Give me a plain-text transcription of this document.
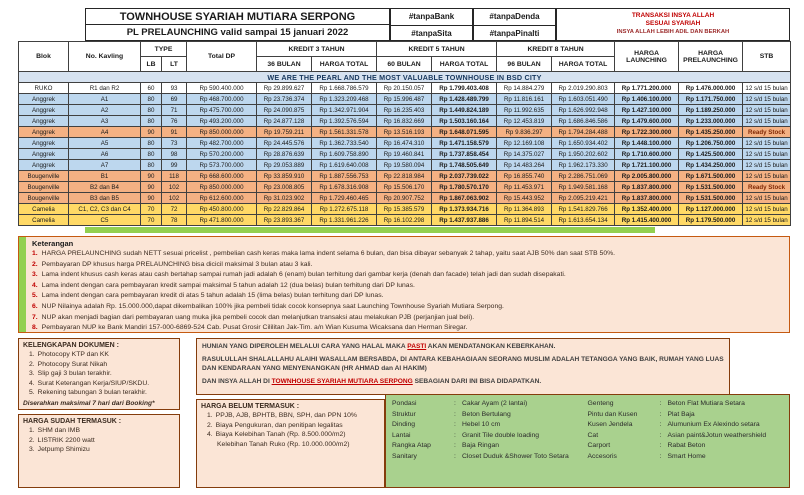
TOWNHOUSE SYARIAH MUTIARA SERPONG
PL PRELAUNCHING valid sampai 15 januari 2022
#tanpaBank
#tanpaSita
#tanpaDenda
#tanpaPinalti
TRANSAKSI INSYA ALLAH
SESUAI SYARIAH
INSYA ALLAH LEBIH ADIL DAN BERKAH
Blok	No. Kavling	TYPE		Total DP	KREDIT 3 TAHUN		KREDIT 5 TAHUN		KREDIT 8 TAHUN		HARGA LAUNCHING	HARGA PRELAUNCHING	STB
		LB	LT		36 BULAN	HARGA TOTAL	60 BULAN	HARGA TOTAL	96 BULAN	HARGA TOTAL			
WE ARE THE PEARL AND THE MOST VALUABLE TOWNHOUSE IN BSD CITY													
RUKO	R1 dan R2	60	93	Rp 590.400.000	Rp 29.899.627	Rp 1.668.786.579	Rp 20.150.057	Rp 1.799.403.408	Rp 14.884.279	Rp 2.019.290.803	Rp 1.771.200.000	Rp 1.476.000.000	12 s/d 15 bulan
Anggrek	A1	80	69	Rp 468.700.000	Rp 23.736.374	Rp 1.323.209.468	Rp 15.996.487	Rp 1.428.489.799	Rp 11.816.161	Rp 1.603.051.490	Rp 1.406.100.000	Rp 1.171.750.000	12 s/d 15 bulan
Anggrek	A2	80	71	Rp 475.700.000	Rp 24.090.875	Rp 1.342.971.904	Rp 16.235.403	Rp 1.449.824.189	Rp 11.992.635	Rp 1.626.992.948	Rp 1.427.100.000	Rp 1.189.250.000	12 s/d 15 bulan
Anggrek	A3	80	76	Rp 493.200.000	Rp 24.877.128	Rp 1.392.576.594	Rp 16.832.669	Rp 1.503.160.164	Rp 12.453.819	Rp 1.686.846.586	Rp 1.479.600.000	Rp 1.233.000.000	12 s/d 15 bulan
Anggrek	A4	90	91	Rp 850.000.000	Rp 19.759.211	Rp 1.561.331.578	Rp 13.516.193	Rp 1.648.071.595	Rp 9.836.297	Rp 1.794.284.488	Rp 1.722.300.000	Rp 1.435.250.000	Ready Stock
Anggrek	A5	80	73	Rp 482.700.000	Rp 24.445.576	Rp 1.362.733.540	Rp 16.474.310	Rp 1.471.158.579	Rp 12.169.108	Rp 1.650.934.402	Rp 1.448.100.000	Rp 1.206.750.000	12 s/d 15 bulan
Anggrek	A6	80	98	Rp 570.200.000	Rp 28.876.639	Rp 1.609.758.890	Rp 19.460.841	Rp 1.737.858.454	Rp 14.375.027	Rp 1.950.202.602	Rp 1.710.600.000	Rp 1.425.500.000	12 s/d 15 bulan
Anggrek	A7	80	99	Rp 573.700.000	Rp 29.053.889	Rp 1.619.640.008	Rp 19.580.094	Rp 1.748.505.649	Rp 14.483.264	Rp 1.962.173.330	Rp 1.721.100.000	Rp 1.434.250.000	12 s/d 15 bulan
Bougenville	B1	90	118	Rp 668.600.000	Rp 33.859.910	Rp 1.887.556.753	Rp 22.818.984	Rp 2.037.739.022	Rp 16.855.740	Rp 2.286.751.069	Rp 2.005.800.000	Rp 1.671.500.000	12 s/d 15 bulan
Bougenville	B2 dan B4	90	102	Rp 850.000.000	Rp 23.008.805	Rp 1.678.316.908	Rp 15.506.170	Rp 1.780.570.170	Rp 11.453.971	Rp 1.949.581.168	Rp 1.837.800.000	Rp 1.531.500.000	Ready Stock
Bougenville	B3 dan B5	90	102	Rp 612.600.000	Rp 31.023.902	Rp 1.729.460.465	Rp 20.907.752	Rp 1.867.063.902	Rp 15.443.952	Rp 2.095.219.421	Rp 1.837.800.000	Rp 1.531.500.000	12 s/d 15 bulan
Camelia	C1, C2, C3 dan C4	70	72	Rp 450.800.000	Rp 22.829.864	Rp 1.272.675.118	Rp 15.385.579	Rp 1.373.934.716	Rp 11.364.893	Rp 1.541.829.766	Rp 1.352.400.000	Rp 1.127.000.000	12 s/d 15 bulan
Camelia	C5	70	78	Rp 471.800.000	Rp 23.893.367	Rp 1.331.961.226	Rp 16.102.298	Rp 1.437.937.886	Rp 11.894.514	Rp 1.613.654.134	Rp 1.415.400.000	Rp 1.179.500.000	12 s/d 15 bulan
Keterangan
1. HARGA PRELAUNCHING sudah NETT sesuai pricelist , pembelian cash keras maka lama indent selama 6 bulan, dan bisa dibayar sebanyak 2 tahap, yaitu saat AJB 50% dan saat STB 50%.
2. Pembayaran DP khusus harga PRELAUNCHING bisa dicicil maksimal 3 bulan atau 3 kali.
3. Lama indent khusus cash keras atau cash bertahap sampai rumah jadi adalah 6 (enam) bulan terhitung dari gambar kerja (denah dan facade) telah jadi dan sudah disepakati.
4. Lama indent dengan cara pembayaran kredit sampai maksimal 5 tahun adalah 12 (dua belas) bulan terhitung dari DP lunas.
5. Lama indent dengan cara pembayaran kredit di atas 5 tahun adalah 15 (lima belas) bulan terhitung dari DP lunas.
6. NUP Nilainya adalah Rp. 15.000.000,dapat dikembalikan 100% jika pembeli tidak cocok konsepnya saat Launching Townhouse Syariah Mutiara Serpong.
7. NUP akan menjadi bagian dari pembayaran uang muka jika pembeli cocok dan melanjutkan transaksi atau melakukan PJB (perjanjian jual beli).
8. Pembayaran NUP ke Bank Mandiri 157-000-6869-524 Cab. Pusat Grosir Cililitan Jak-Tim. a/n Wian Kusuma Wicaksana dan Herman Siregar.
KELENGKAPAN DOKUMEN :
1. Photocopy KTP dan KK
2. Photocopy Surat Nikah
3. Slip gaji 3 bulan terakhir.
4. Surat Keterangan Kerja/SIUP/SKDU.
5. Rekening tabungan 3 bulan terakhir.
Diserahkan maksimal 7 hari dari Booking*
HUNIAN YANG DIPEROLEH MELALUI CARA YANG HALAL MAKA PASTI AKAN MENDATANGKAN KEBERKAHAN.
RASULULLAH SHALALLAHU ALAIHI WASALLAM BERSABDA, DI ANTARA KEBAHAGIAAN SEORANG MUSLIM ADALAH TETANGGA YANG BAIK, RUMAH YANG LUAS DAN KENDARAAN YANG MENYENANGKAN (HR AHMAD dan Al HAKIM)
DAN INSYA ALLAH DI TOWNHOUSE SYARIAH MUTIARA SERPONG SEBAGIAN DARI INI BISA DIDAPATKAN.
HARGA SUDAH TERMASUK :
1. SHM dan IMB
2. LISTRIK 2200 watt
3. Jetpump Shimizu
HARGA BELUM TERMASUK :
1. PPJB, AJB, BPHTB, BBN, SPH, dan PPN 10%
2. Biaya Pengukuran, dan penitipan legalitas
4. Biaya Kelebihan Tanah (Rp. 8.500.000/m2)
Kelebihan Tanah Ruko (Rp. 10.000.000/m2)
Pondasi	: Cakar Ayam (2 lantai)
Struktur	: Beton Bertulang
Dinding	: Hebel 10 cm
Lantai	: Granit Tile double loading
Rangka Atap	: Baja Ringan
Sanitary	: Closet Duduk &Shower Toto Setara
Genteng	: Beton Flat Mutiara Setara
Pintu dan Kusen	: Plat Baja
Kusen Jendela	: Alumunium Ex Alexindo setara
Cat	: Asian paint&Jotun weathershield
Carport	: Rabat Beton
Accesoris	: Smart Home
